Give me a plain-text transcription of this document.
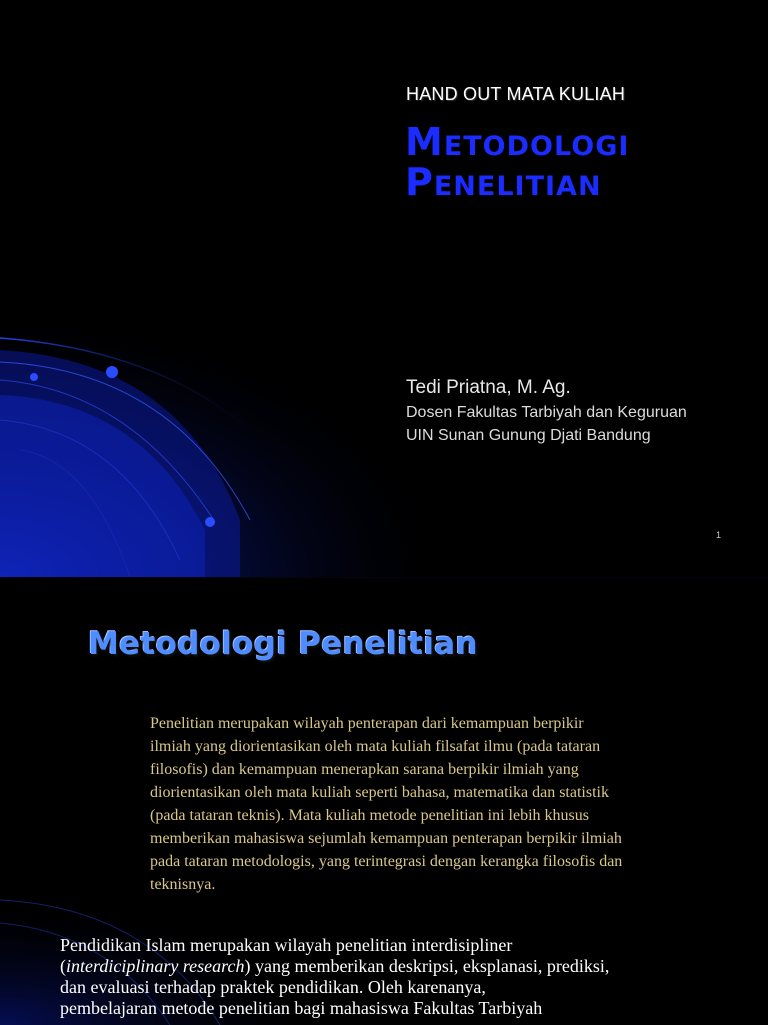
HAND OUT MATA KULIAH
Metodologi
Penelitian
Tedi Priatna, M. Ag.
Dosen Fakultas Tarbiyah dan Keguruan
UIN Sunan Gunung Djati Bandung
1
Metodologi Penelitian

Penelitian merupakan wilayah penterapan dari kemampuan berpikir
ilmiah yang diorientasikan oleh mata kuliah filsafat ilmu (pada tataran
filosofis) dan kemampuan menerapkan sarana berpikir ilmiah yang
diorientasikan oleh mata kuliah seperti bahasa, matematika dan statistik
(pada tataran teknis). Mata kuliah metode penelitian ini lebih khusus
memberikan mahasiswa sejumlah kemampuan penterapan berpikir ilmiah
pada tataran metodologis, yang terintegrasi dengan kerangka filosofis dan
teknisnya.

Pendidikan Islam merupakan wilayah penelitian interdisipliner
(interdiciplinary research) yang memberikan deskripsi, eksplanasi, prediksi,
dan evaluasi terhadap praktek pendidikan. Oleh karenanya,
pembelajaran metode penelitian bagi mahasiswa Fakultas Tarbiyah
